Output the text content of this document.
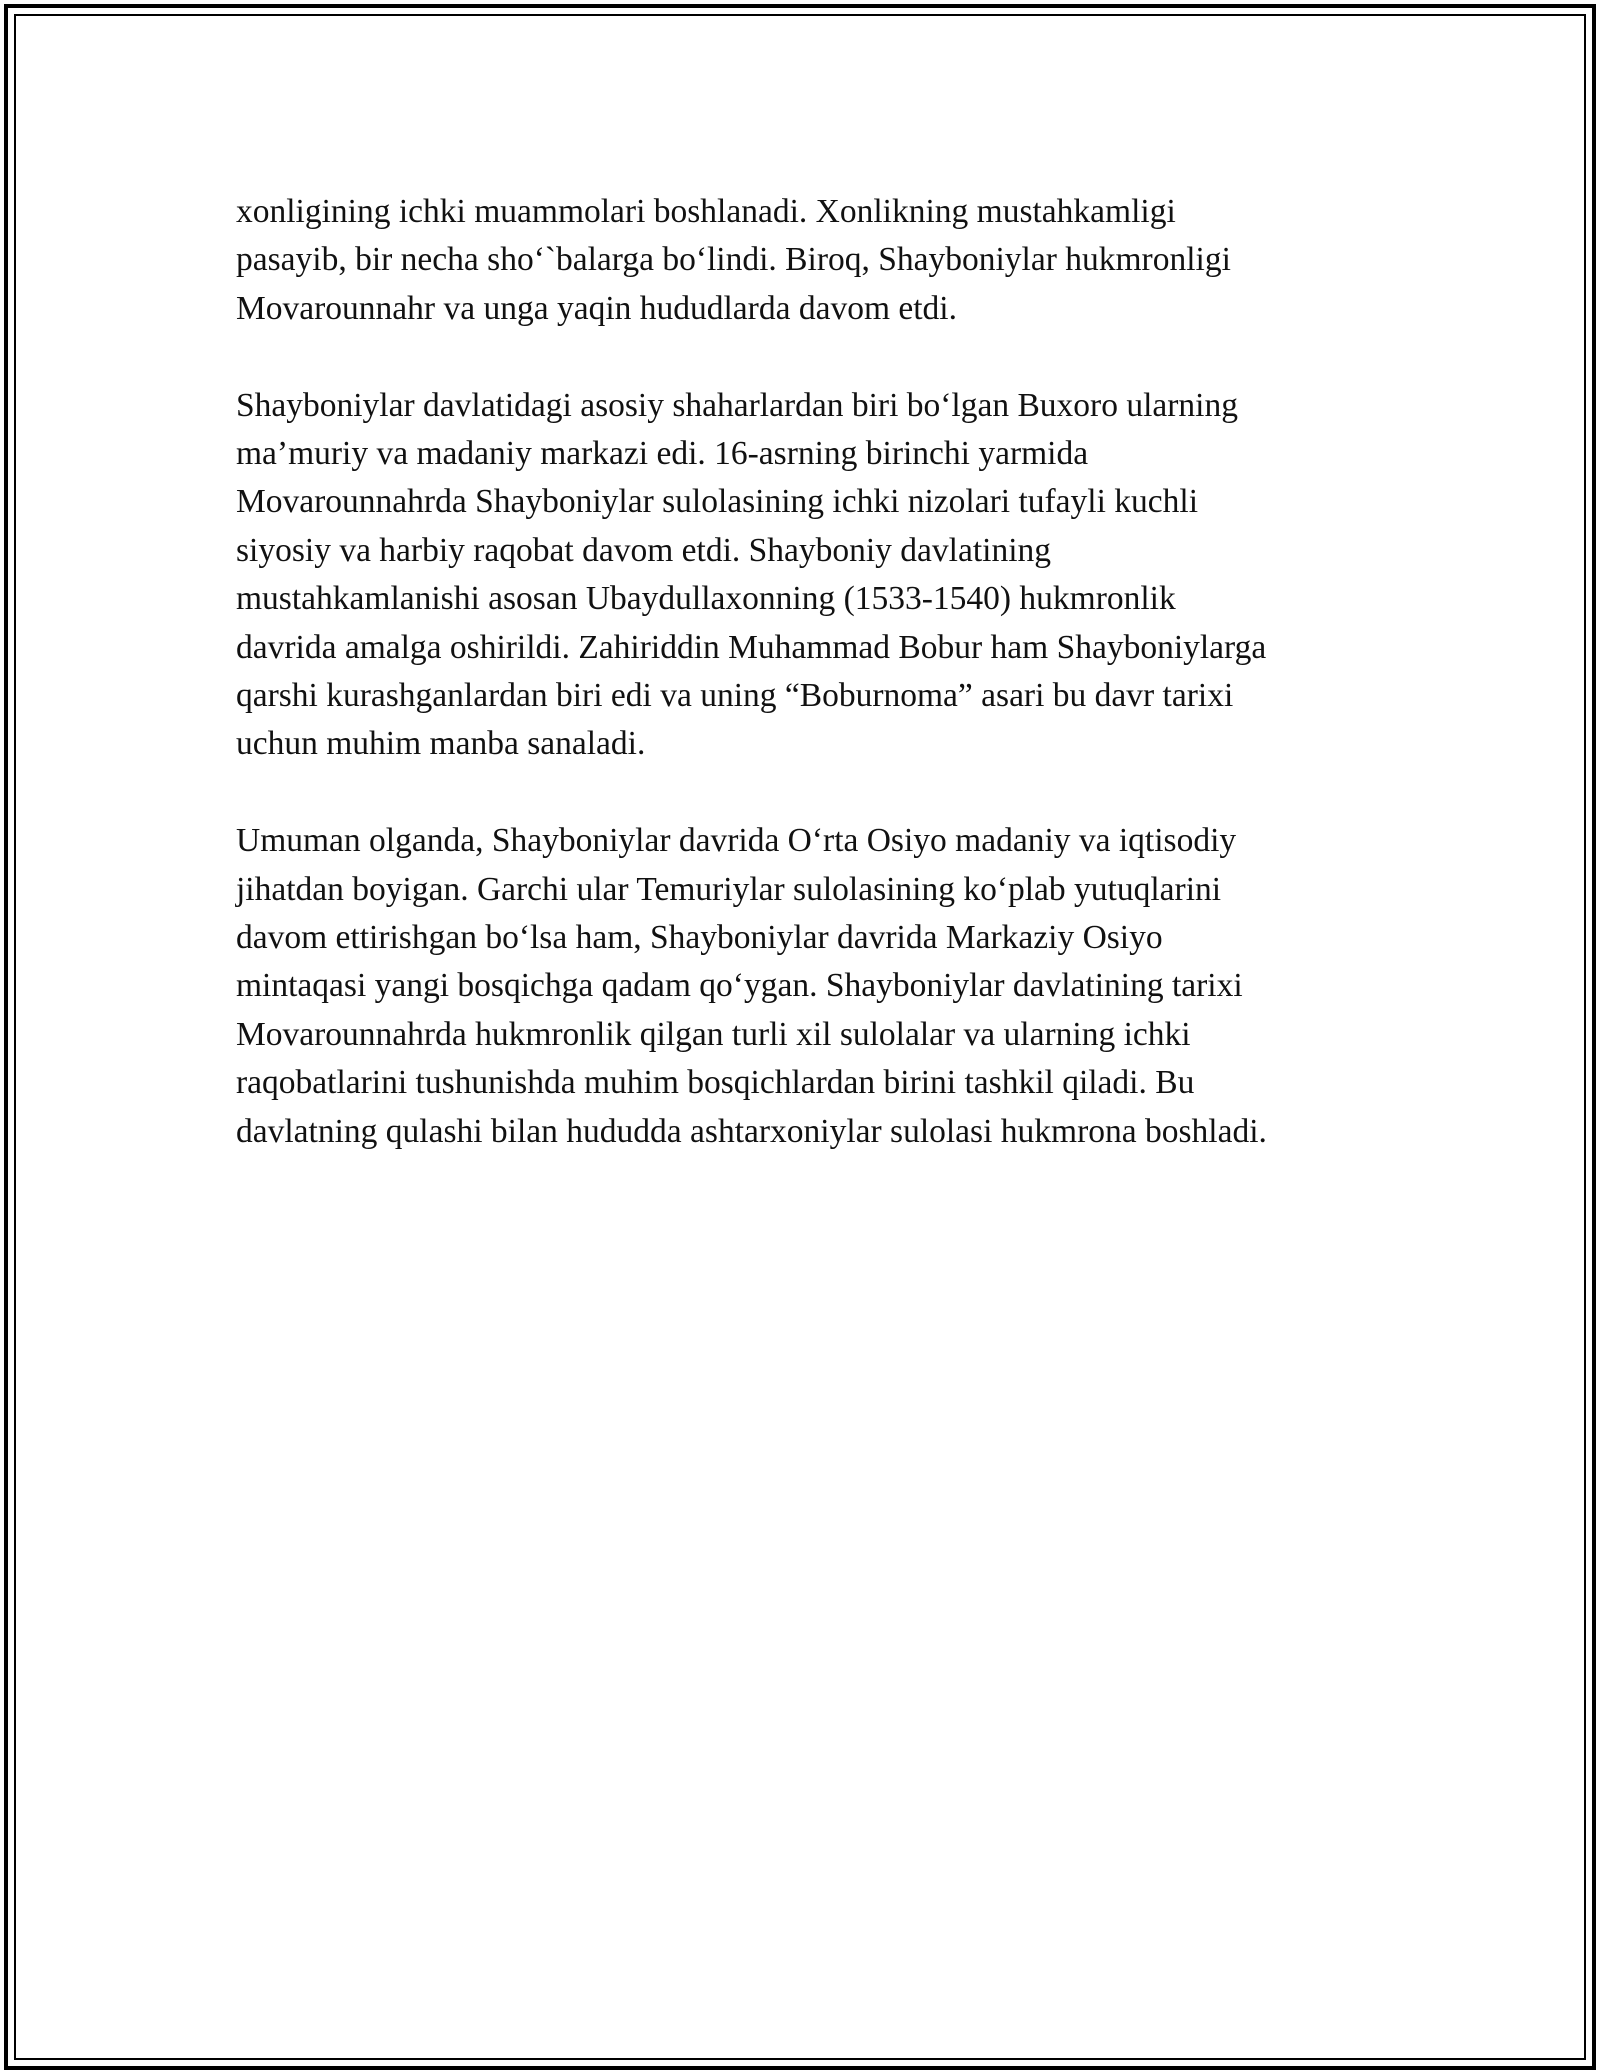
xonligining ichki muammolari boshlanadi. Xonlikning mustahkamligi
pasayib, bir necha sho‘`balarga bo‘lindi. Biroq, Shayboniylar hukmronligi
Movarounnahr va unga yaqin hududlarda davom etdi.

Shayboniylar davlatidagi asosiy shaharlardan biri bo‘lgan Buxoro ularning
ma’muriy va madaniy markazi edi. 16-asrning birinchi yarmida
Movarounnahrda Shayboniylar sulolasining ichki nizolari tufayli kuchli
siyosiy va harbiy raqobat davom etdi. Shayboniy davlatining
mustahkamlanishi asosan Ubaydullaxonning (1533-1540) hukmronlik
davrida amalga oshirildi. Zahiriddin Muhammad Bobur ham Shayboniylarga
qarshi kurashganlardan biri edi va uning “Boburnoma” asari bu davr tarixi
uchun muhim manba sanaladi.

Umuman olganda, Shayboniylar davrida O‘rta Osiyo madaniy va iqtisodiy
jihatdan boyigan. Garchi ular Temuriylar sulolasining ko‘plab yutuqlarini
davom ettirishgan bo‘lsa ham, Shayboniylar davrida Markaziy Osiyo
mintaqasi yangi bosqichga qadam qo‘ygan. Shayboniylar davlatining tarixi
Movarounnahrda hukmronlik qilgan turli xil sulolalar va ularning ichki
raqobatlarini tushunishda muhim bosqichlardan birini tashkil qiladi. Bu
davlatning qulashi bilan hududda ashtarxoniylar sulolasi hukmrona boshladi.
